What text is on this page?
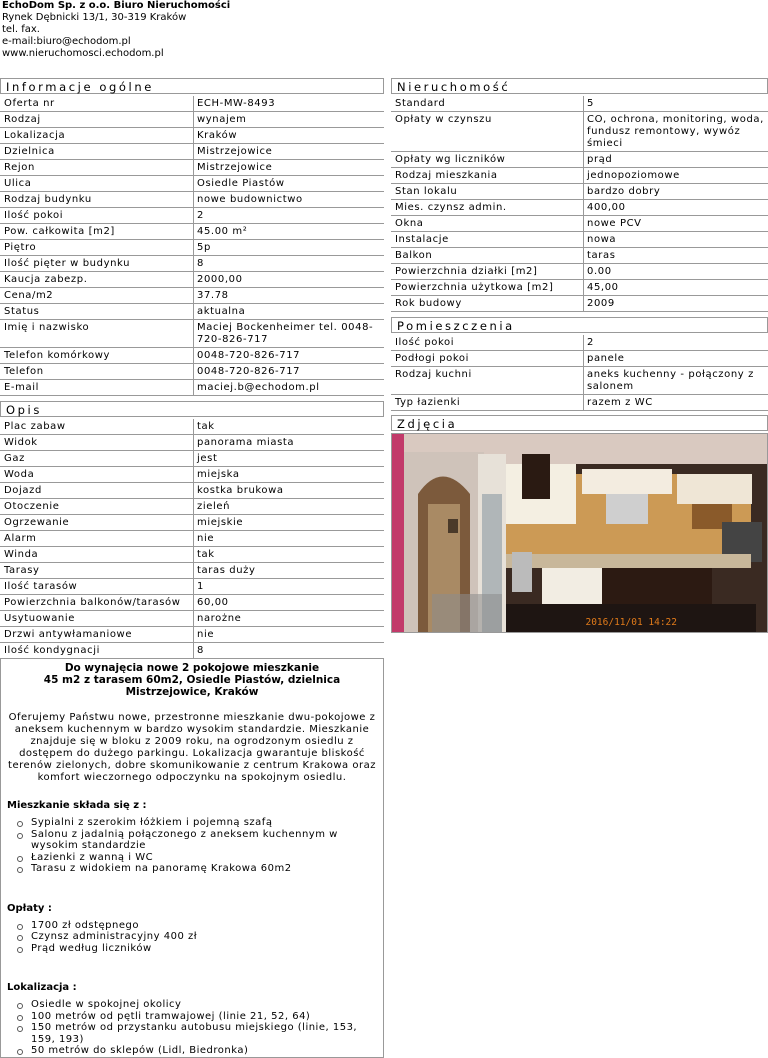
EchoDom Sp. z o.o. Biuro Nieruchomości
Rynek Dębnicki 13/1, 30-319 Kraków
tel. fax.
e-mail:biuro@echodom.pl
www.nieruchomosci.echodom.pl
Informacje ogólne
Oferta nr	ECH-MW-8493
Rodzaj	wynajem
Lokalizacja	Kraków
Dzielnica	Mistrzejowice
Rejon	Mistrzejowice
Ulica	Osiedle Piastów
Rodzaj budynku	nowe budownictwo
Ilość pokoi	2
Pow. całkowita [m2]	45.00 m²
Piętro	5p
Ilość pięter w budynku	8
Kaucja zabezp.	2000,00
Cena/m2	37.78
Status	aktualna
Imię i nazwisko	Maciej Bockenheimer tel. 0048-720-826-717
Telefon komórkowy	0048-720-826-717
Telefon	0048-720-826-717
E-mail	maciej.b@echodom.pl
Opis
Plac zabaw	tak
Widok	panorama miasta
Gaz	jest
Woda	miejska
Dojazd	kostka brukowa
Otoczenie	zieleń
Ogrzewanie	miejskie
Alarm	nie
Winda	tak
Tarasy	taras duży
Ilość tarasów	1
Powierzchnia balkonów/tarasów	60,00
Usytuowanie	narożne
Drzwi antywłamaniowe	nie
Ilość kondygnacji	8
Do wynajęcia nowe 2 pokojowe mieszkanie
45 m2 z tarasem 60m2, Osiedle Piastów, dzielnica Mistrzejowice, Kraków
Oferujemy Państwu nowe, przestronne mieszkanie dwu-pokojowe z aneksem kuchennym w bardzo wysokim standardzie. Mieszkanie znajduje się w bloku z 2009 roku, na ogrodzonym osiedlu z dostępem do dużego parkingu. Lokalizacja gwarantuje bliskość terenów zielonych, dobre skomunikowanie z centrum Krakowa oraz komfort wieczornego odpoczynku na spokojnym osiedlu.
Mieszkanie składa się z :
Sypialni z szerokim łóżkiem i pojemną szafą
Salonu z jadalnią połączonego z aneksem kuchennym w wysokim standardzie
Łazienki z wanną i WC
Tarasu z widokiem na panoramę Krakowa 60m2
Opłaty :
1700 zł odstępnego
Czynsz administracyjny 400 zł
Prąd według liczników
Lokalizacja :
Osiedle w spokojnej okolicy
100 metrów od pętli tramwajowej (linie 21, 52, 64)
150 metrów od przystanku autobusu miejskiego (linie, 153, 159, 193)
50 metrów do sklepów (Lidl, Biedronka)
Nieruchomość
Standard	5
Opłaty w czynszu	CO, ochrona, monitoring, woda, fundusz remontowy, wywóz śmieci
Opłaty wg liczników	prąd
Rodzaj mieszkania	jednopoziomowe
Stan lokalu	bardzo dobry
Mies. czynsz admin.	400,00
Okna	nowe PCV
Instalacje	nowa
Balkon	taras
Powierzchnia działki [m2]	0.00
Powierzchnia użytkowa [m2]	45,00
Rok budowy	2009
Pomieszczenia
Ilość pokoi	2
Podłogi pokoi	panele
Rodzaj kuchni	aneks kuchenny - połączony z salonem
Typ łazienki	razem z WC
Zdjęcia
2016/11/01 14:22
